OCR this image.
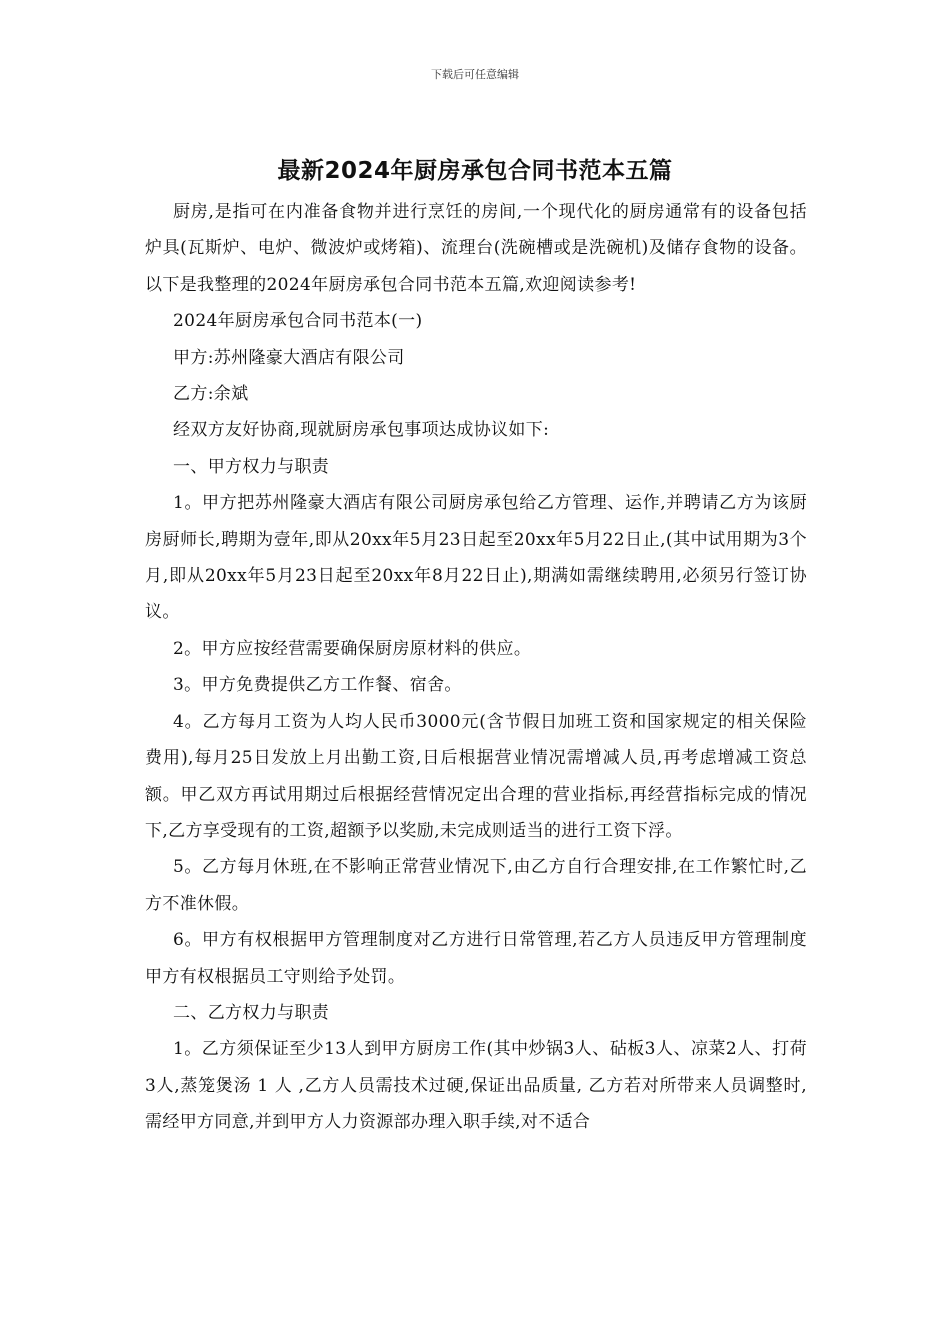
下载后可任意编辑
最新2024年厨房承包合同书范本五篇

厨房,是指可在内准备食物并进行烹饪的房间,一个现代化的厨房通常有的设备包括炉具(瓦斯炉、电炉、微波炉或烤箱)、流理台(洗碗槽或是洗碗机)及储存食物的设备。以下是我整理的2024年厨房承包合同书范本五篇,欢迎阅读参考!

2024年厨房承包合同书范本(一)

甲方:苏州隆豪大酒店有限公司

乙方:余斌

经双方友好协商,现就厨房承包事项达成协议如下:

一、甲方权力与职责

1。甲方把苏州隆豪大酒店有限公司厨房承包给乙方管理、运作,并聘请乙方为该厨房厨师长,聘期为壹年,即从20xx年5月23日起至20xx年5月22日止,(其中试用期为3个月,即从20xx年5月23日起至20xx年8月22日止),期满如需继续聘用,必须另行签订协议。

2。甲方应按经营需要确保厨房原材料的供应。

3。甲方免费提供乙方工作餐、宿舍。

4。乙方每月工资为人均人民币3000元(含节假日加班工资和国家规定的相关保险费用),每月25日发放上月出勤工资,日后根据营业情况需增减人员,再考虑增减工资总额。甲乙双方再试用期过后根据经营情况定出合理的营业指标,再经营指标完成的情况下,乙方享受现有的工资,超额予以奖励,未完成则适当的进行工资下浮。

5。乙方每月休班,在不影响正常营业情况下,由乙方自行合理安排,在工作繁忙时,乙方不准休假。

6。甲方有权根据甲方管理制度对乙方进行日常管理,若乙方人员违反甲方管理制度甲方有权根据员工守则给予处罚。

二、乙方权力与职责

1。乙方须保证至少13人到甲方厨房工作(其中炒锅3人、砧板3人、凉菜2人、打荷3人,蒸笼煲汤 1 人 ,乙方人员需技术过硬,保证出品质量, 乙方若对所带来人员调整时,需经甲方同意,并到甲方人力资源部办理入职手续,对不适合
